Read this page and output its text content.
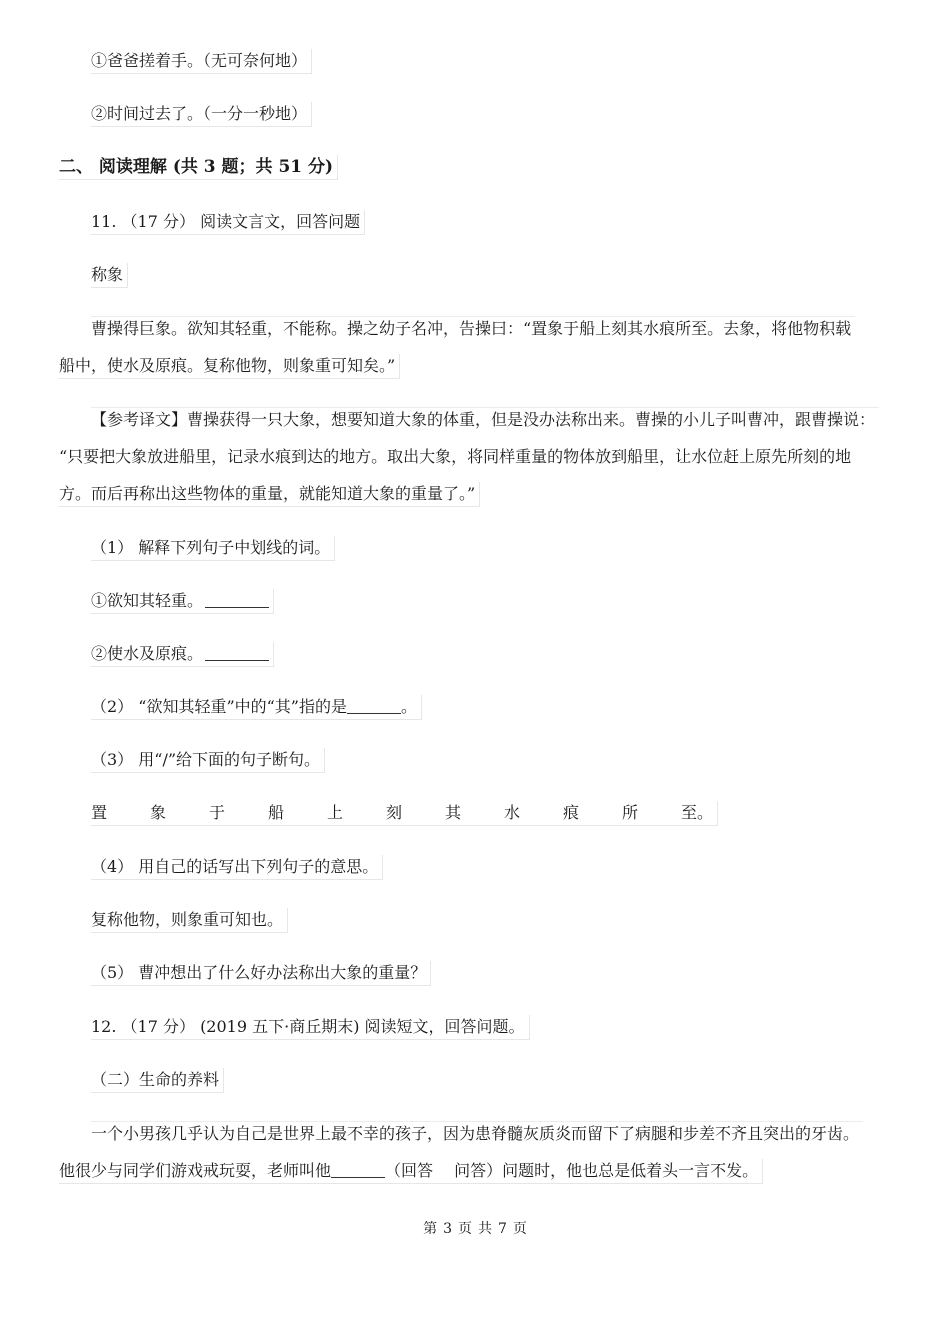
①爸爸搓着手。（无可奈何地）
②时间过去了。（一分一秒地）
二、 阅读理解 (共 3 题；共 51 分)
11. （17 分） 阅读文言文，回答问题
称象
曹操得巨象。欲知其轻重，不能称。操之幼子名冲，告操曰：“置象于船上刻其水痕所至。去象，将他物积载
船中，使水及原痕。复称他物，则象重可知矣。”
【参考译文】曹操获得一只大象，想要知道大象的体重，但是没办法称出来。曹操的小儿子叫曹冲，跟曹操说：
“只要把大象放进船里，记录水痕到达的地方。取出大象，将同样重量的物体放到船里，让水位赶上原先所刻的地
方。而后再称出这些物体的重量，就能知道大象的重量了。”
（1） 解释下列句子中划线的词。
①欲知其轻重。
②使水及原痕。
（2） “欲知其轻重”中的“其”指的是	。
（3） 用“/”给下面的句子断句。
置	象	于	船	上	刻	其	水	痕	所	至。
（4） 用自己的话写出下列句子的意思。
复称他物，则象重可知也。
（5） 曹冲想出了什么好办法称出大象的重量？
12. （17 分） (2019 五下·商丘期末) 阅读短文，回答问题。
（二）生命的养料
一个小男孩几乎认为自己是世界上最不幸的孩子，因为患脊髓灰质炎而留下了病腿和步差不齐且突出的牙齿。
他很少与同学们游戏戒玩耍，老师叫他	（回答　 问答）问题时，他也总是低着头一言不发。
第 3 页 共 7 页
